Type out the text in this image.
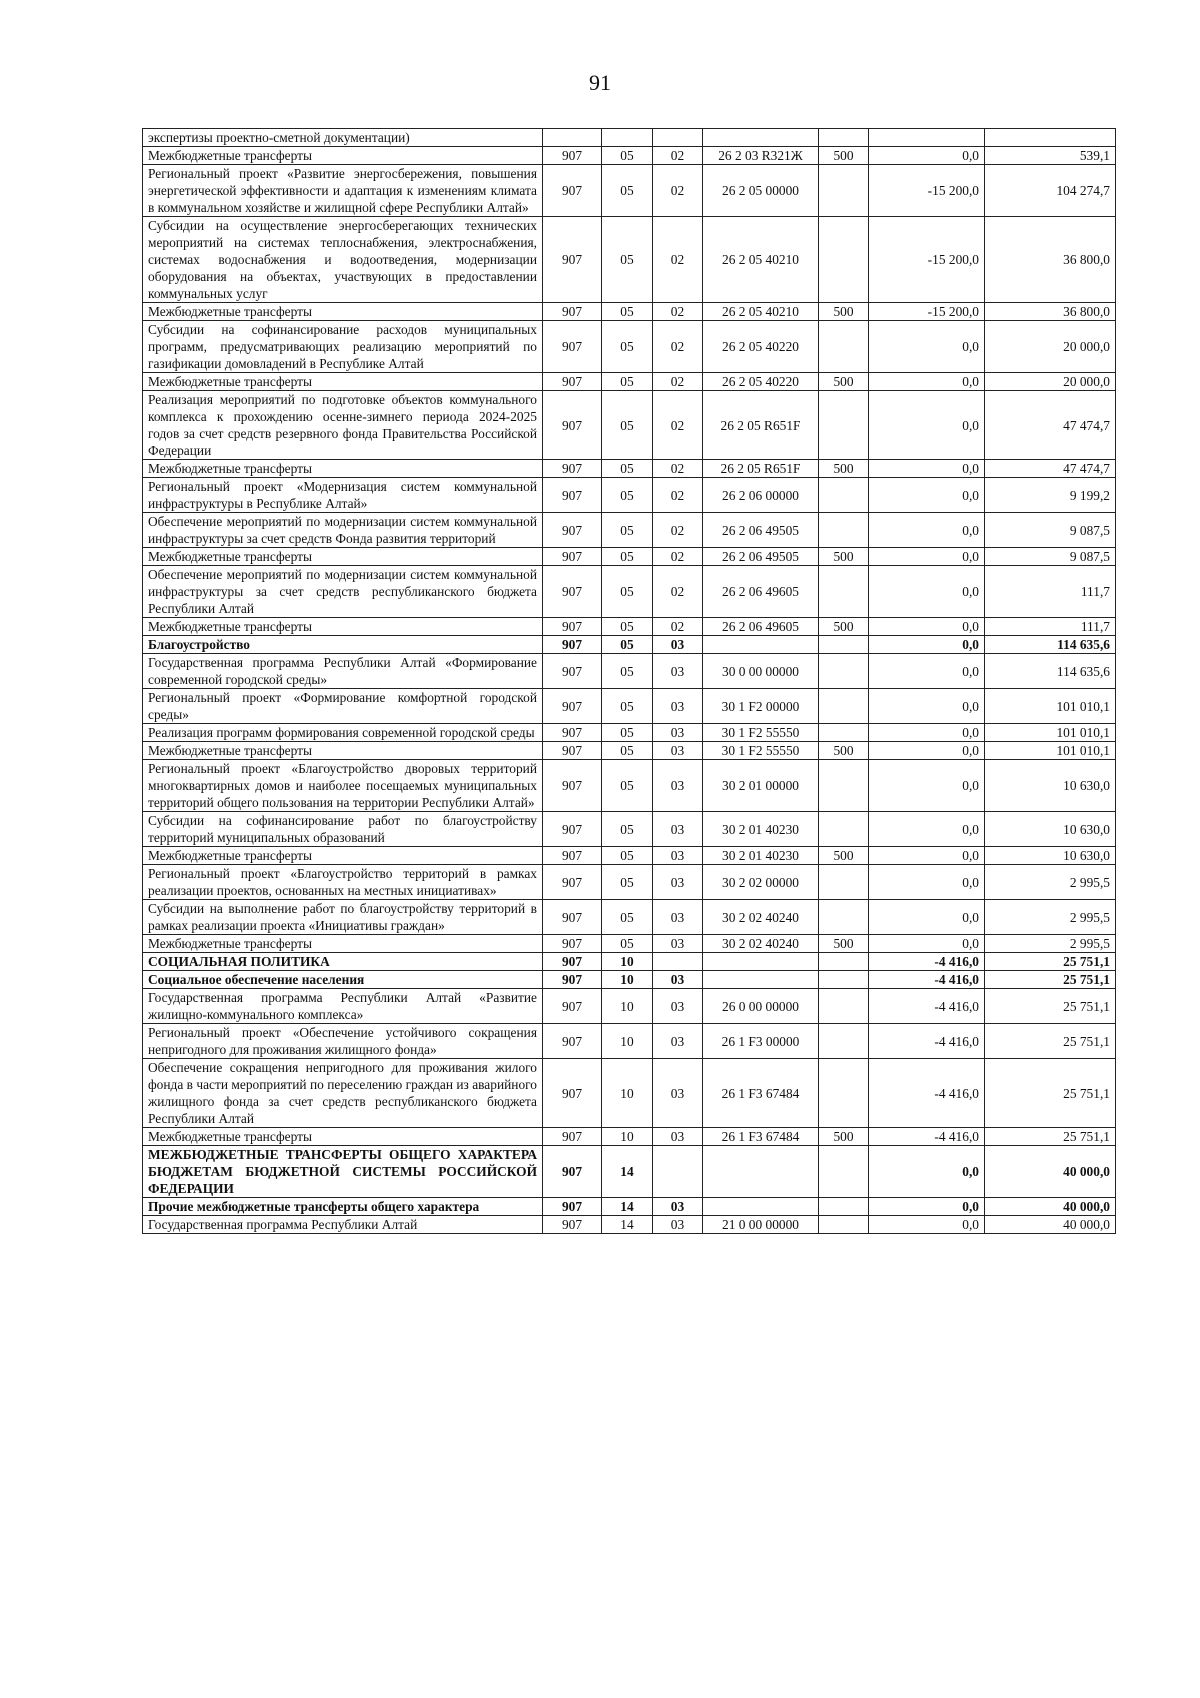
91
экспертизы проектно-сметной документации)							
Межбюджетные трансферты	907	05	02	26 2 03 R321Ж	500	0,0	539,1
Региональный проект «Развитие энергосбережения, повышения энергетической эффективности и адаптация к изменениям климата в коммунальном хозяйстве и жилищной сфере Республики Алтай»	907	05	02	26 2 05 00000		-15 200,0	104 274,7
Субсидии на осуществление энергосберегающих технических мероприятий на системах теплоснабжения, электроснабжения, системах водоснабжения и водоотведения, модернизации оборудования на объектах, участвующих в предоставлении коммунальных услуг	907	05	02	26 2 05 40210		-15 200,0	36 800,0
Межбюджетные трансферты	907	05	02	26 2 05 40210	500	-15 200,0	36 800,0
Субсидии на софинансирование расходов муниципальных программ, предусматривающих реализацию мероприятий по газификации домовладений в Республике Алтай	907	05	02	26 2 05 40220		0,0	20 000,0
Межбюджетные трансферты	907	05	02	26 2 05 40220	500	0,0	20 000,0
Реализация мероприятий по подготовке объектов коммунального комплекса к прохождению осенне-зимнего периода 2024-2025 годов за счет средств резервного фонда Правительства Российской Федерации	907	05	02	26 2 05 R651F		0,0	47 474,7
Межбюджетные трансферты	907	05	02	26 2 05 R651F	500	0,0	47 474,7
Региональный проект «Модернизация систем коммунальной инфраструктуры в Республике Алтай»	907	05	02	26 2 06 00000		0,0	9 199,2
Обеспечение мероприятий по модернизации систем коммунальной инфраструктуры за счет средств Фонда развития территорий	907	05	02	26 2 06 49505		0,0	9 087,5
Межбюджетные трансферты	907	05	02	26 2 06 49505	500	0,0	9 087,5
Обеспечение мероприятий по модернизации систем коммунальной инфраструктуры за счет средств республиканского бюджета Республики Алтай	907	05	02	26 2 06 49605		0,0	111,7
Межбюджетные трансферты	907	05	02	26 2 06 49605	500	0,0	111,7
Благоустройство	907	05	03			0,0	114 635,6
Государственная программа Республики Алтай «Формирование современной городской среды»	907	05	03	30 0 00 00000		0,0	114 635,6
Региональный проект «Формирование комфортной городской среды»	907	05	03	30 1 F2 00000		0,0	101 010,1
Реализация программ формирования современной городской среды	907	05	03	30 1 F2 55550		0,0	101 010,1
Межбюджетные трансферты	907	05	03	30 1 F2 55550	500	0,0	101 010,1
Региональный проект «Благоустройство дворовых территорий многоквартирных домов и наиболее посещаемых муниципальных территорий общего пользования на территории Республики Алтай»	907	05	03	30 2 01 00000		0,0	10 630,0
Субсидии на софинансирование работ по благоустройству территорий муниципальных образований	907	05	03	30 2 01 40230		0,0	10 630,0
Межбюджетные трансферты	907	05	03	30 2 01 40230	500	0,0	10 630,0
Региональный проект «Благоустройство территорий в рамках реализации проектов, основанных на местных инициативах»	907	05	03	30 2 02 00000		0,0	2 995,5
Субсидии на выполнение работ по благоустройству территорий в рамках реализации проекта «Инициативы граждан»	907	05	03	30 2 02 40240		0,0	2 995,5
Межбюджетные трансферты	907	05	03	30 2 02 40240	500	0,0	2 995,5
СОЦИАЛЬНАЯ ПОЛИТИКА	907	10				-4 416,0	25 751,1
Социальное обеспечение населения	907	10	03			-4 416,0	25 751,1
Государственная программа Республики Алтай «Развитие жилищно-коммунального комплекса»	907	10	03	26 0 00 00000		-4 416,0	25 751,1
Региональный проект «Обеспечение устойчивого сокращения непригодного для проживания жилищного фонда»	907	10	03	26 1 F3 00000		-4 416,0	25 751,1
Обеспечение сокращения непригодного для проживания жилого фонда в части мероприятий по переселению граждан из аварийного жилищного фонда за счет средств республиканского бюджета Республики Алтай	907	10	03	26 1 F3 67484		-4 416,0	25 751,1
Межбюджетные трансферты	907	10	03	26 1 F3 67484	500	-4 416,0	25 751,1
МЕЖБЮДЖЕТНЫЕ ТРАНСФЕРТЫ ОБЩЕГО ХАРАКТЕРА БЮДЖЕТАМ БЮДЖЕТНОЙ СИСТЕМЫ РОССИЙСКОЙ ФЕДЕРАЦИИ	907	14				0,0	40 000,0
Прочие межбюджетные трансферты общего характера	907	14	03			0,0	40 000,0
Государственная программа Республики Алтай	907	14	03	21 0 00 00000		0,0	40 000,0
